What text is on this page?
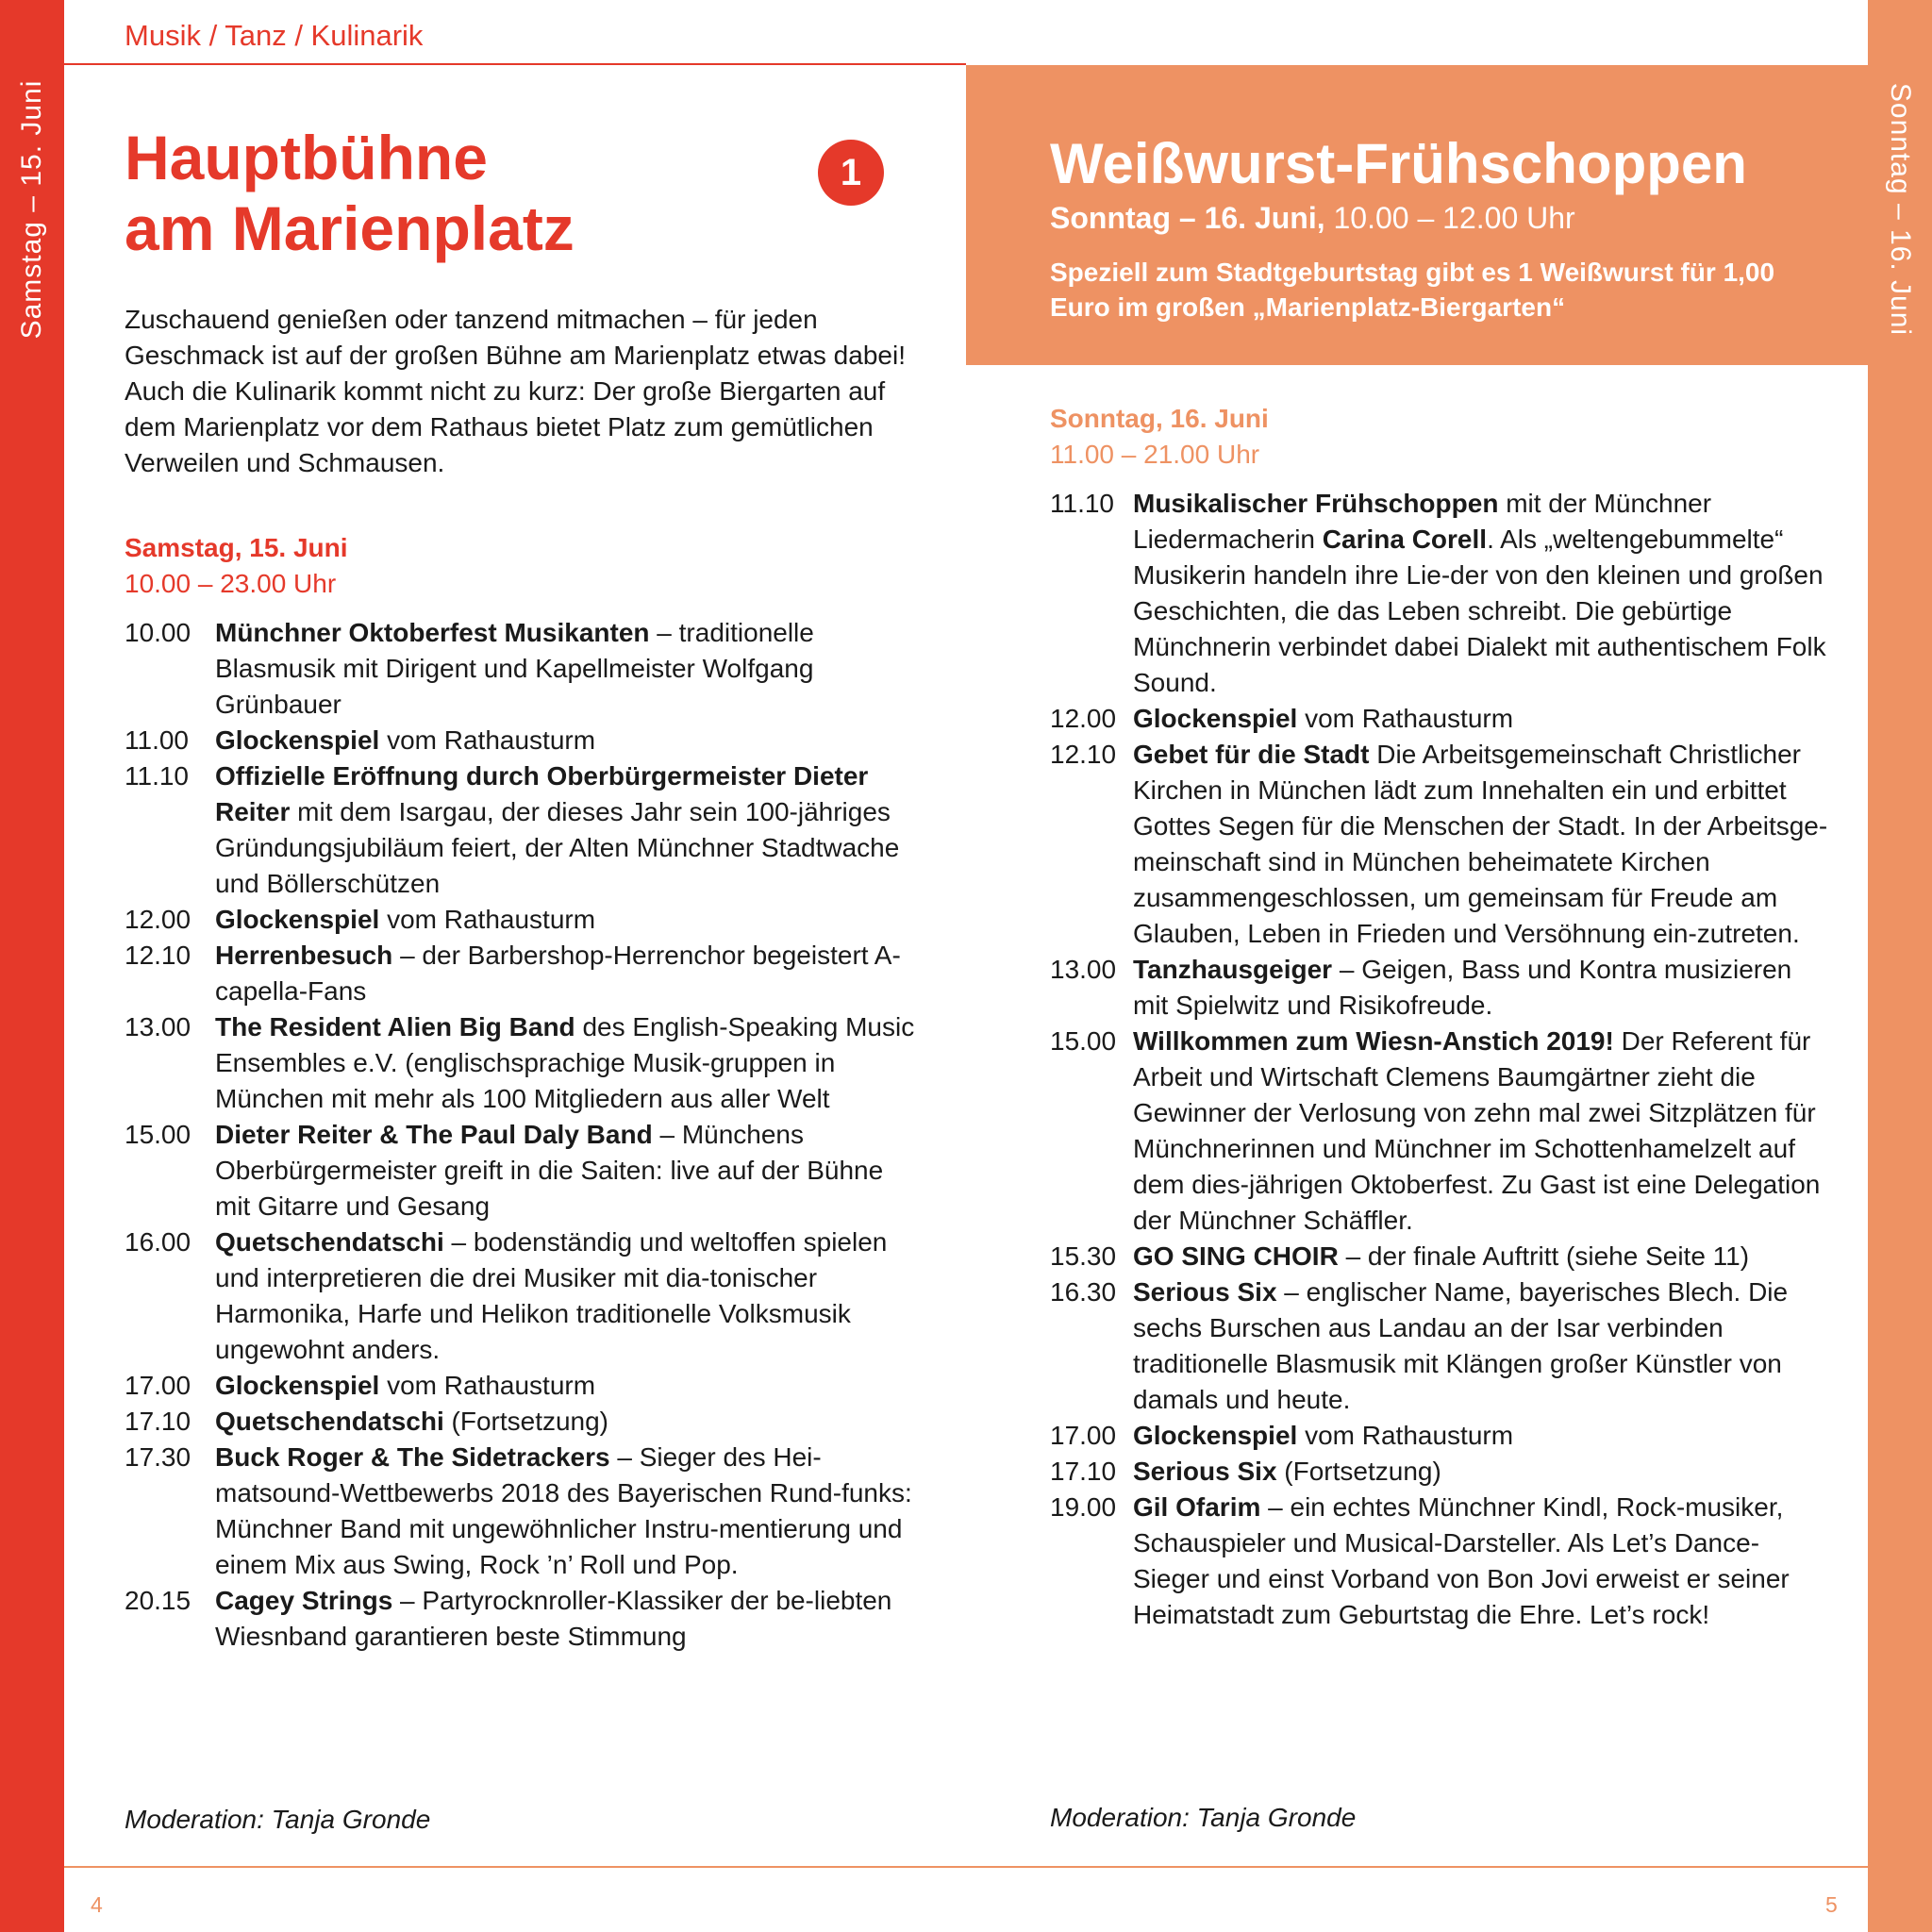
Samstag – 15. Juni	Sonntag – 16. Juni
Musik / Tanz / Kulinarik
Weißwurst-Frühschoppen
Sonntag – 16. Juni, 10.00 – 12.00 Uhr
Speziell zum Stadtgeburtstag gibt es 1 Weißwurst für 1,00 Euro im großen „Marienplatz-Biergarten“
Hauptbühne
am Marienplatz
1

Zuschauend genießen oder tanzend mitmachen – für jeden Geschmack ist auf der großen Bühne am Marienplatz etwas dabei! Auch die Kulinarik kommt nicht zu kurz: Der große Biergarten auf dem Marienplatz vor dem Rathaus bietet Platz zum gemütlichen Verweilen und Schmausen.

Samstag, 15. Juni
10.00 – 23.00 Uhr
10.00 Münchner Oktoberfest Musikanten – traditionelle Blasmusik mit Dirigent und Kapellmeister Wolfgang Grünbauer
11.00	Glockenspiel vom Rathausturm
11.10	Offizielle Eröffnung durch Oberbürgermeister Dieter Reiter mit dem Isargau, der dieses Jahr sein 100-jähriges Gründungsjubiläum feiert, der Alten Münchner Stadtwache und Böllerschützen
12.00 Glockenspiel vom Rathausturm
12.10 Herrenbesuch – der Barbershop-Herrenchor begeistert A-capella-Fans
13.00 The Resident Alien Big Band des English-Speaking Music Ensembles e.V. (englischsprachige Musik-gruppen in München mit mehr als 100 Mitgliedern aus aller Welt
15.00 Dieter Reiter & The Paul Daly Band – Münchens Oberbürgermeister greift in die Saiten: live auf der Bühne mit Gitarre und Gesang
16.00 Quetschendatschi – bodenständig und weltoffen spielen und interpretieren die drei Musiker mit dia-tonischer Harmonika, Harfe und Helikon traditionelle Volksmusik ungewohnt anders.
17.00 Glockenspiel vom Rathausturm
17.10 Quetschendatschi (Fortsetzung)
17.30 Buck Roger & The Sidetrackers – Sieger des Hei-matsound-Wettbewerbs 2018 des Bayerischen Rund-funks: Münchner Band mit ungewöhnlicher Instru-mentierung und einem Mix aus Swing, Rock ’n’ Roll und Pop.
20.15 Cagey Strings – Partyrocknroller-Klassiker der be-liebten Wiesnband garantieren beste Stimmung
Moderation: Tanja Gronde
Sonntag, 16. Juni
11.00 – 21.00 Uhr
11.10 Musikalischer Frühschoppen mit der Münchner Liedermacherin Carina Corell. Als „weltengebummelte“ Musikerin handeln ihre Lie-der von den kleinen und großen Geschichten, die das Leben schreibt. Die gebürtige Münchnerin verbindet dabei Dialekt mit authentischem Folk Sound.
12.00 Glockenspiel vom Rathausturm
12.10 Gebet für die Stadt Die Arbeitsgemeinschaft Christlicher Kirchen in München lädt zum Innehalten ein und erbittet Gottes Segen für die Menschen der Stadt. In der Arbeitsge-meinschaft sind in München beheimatete Kirchen zusammengeschlossen, um gemeinsam für Freude am Glauben, Leben in Frieden und Versöhnung ein-zutreten.
13.00 Tanzhausgeiger – Geigen, Bass und Kontra musizieren mit Spielwitz und Risikofreude.
15.00 Willkommen zum Wiesn-Anstich 2019! Der Referent für Arbeit und Wirtschaft Clemens Baumgärtner zieht die Gewinner der Verlosung von zehn mal zwei Sitzplätzen für Münchnerinnen und Münchner im Schottenhamelzelt auf dem dies-jährigen Oktoberfest. Zu Gast ist eine Delegation der Münchner Schäffler.
15.30 GO SING CHOIR – der finale Auftritt (siehe Seite 11)
16.30 Serious Six – englischer Name, bayerisches Blech. Die sechs Burschen aus Landau an der Isar verbinden traditionelle Blasmusik mit Klängen großer Künstler von damals und heute.
17.00 Glockenspiel vom Rathausturm
17.10 Serious Six (Fortsetzung)
19.00 Gil Ofarim – ein echtes Münchner Kindl, Rock-musiker, Schauspieler und Musical-Darsteller. Als Let’s Dance-Sieger und einst Vorband von Bon Jovi erweist er seiner Heimatstadt zum Geburtstag die Ehre. Let’s rock!
Moderation: Tanja Gronde
4	5
